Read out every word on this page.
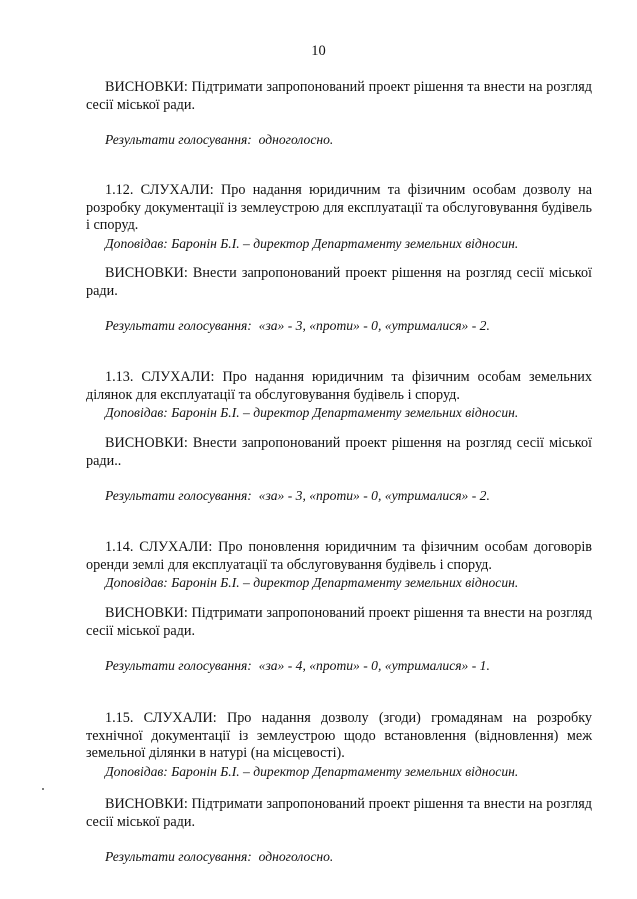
10
ВИСНОВКИ: Підтримати запропонований проект рішення та внести на розгляд сесії міської ради.
Результати голосування: одноголосно.
1.12. СЛУХАЛИ: Про надання юридичним та фізичним особам дозволу на розробку документації із землеустрою для експлуатації та обслуговування будівель і споруд.
Доповідав: Баронін Б.І. – директор Департаменту земельних відносин.
ВИСНОВКИ: Внести запропонований проект рішення на розгляд сесії міської ради.
Результати голосування: «за» - 3, «проти» - 0, «утрималися» - 2.
1.13. СЛУХАЛИ: Про надання юридичним та фізичним особам земельних ділянок для експлуатації та обслуговування будівель і споруд.
Доповідав: Баронін Б.І. – директор Департаменту земельних відносин.
ВИСНОВКИ: Внести запропонований проект рішення на розгляд сесії міської ради..
Результати голосування: «за» - 3, «проти» - 0, «утрималися» - 2.
1.14. СЛУХАЛИ: Про поновлення юридичним та фізичним особам договорів оренди землі для експлуатації та обслуговування будівель і споруд.
Доповідав: Баронін Б.І. – директор Департаменту земельних відносин.
ВИСНОВКИ: Підтримати запропонований проект рішення та внести на розгляд сесії міської ради.
Результати голосування: «за» - 4, «проти» - 0, «утрималися» - 1.
1.15. СЛУХАЛИ: Про надання дозволу (згоди) громадянам на розробку технічної документації із землеустрою щодо встановлення (відновлення) меж земельної ділянки в натурі (на місцевості).
Доповідав: Баронін Б.І. – директор Департаменту земельних відносин.
ВИСНОВКИ: Підтримати запропонований проект рішення та внести на розгляд сесії міської ради.
Результати голосування: одноголосно.
